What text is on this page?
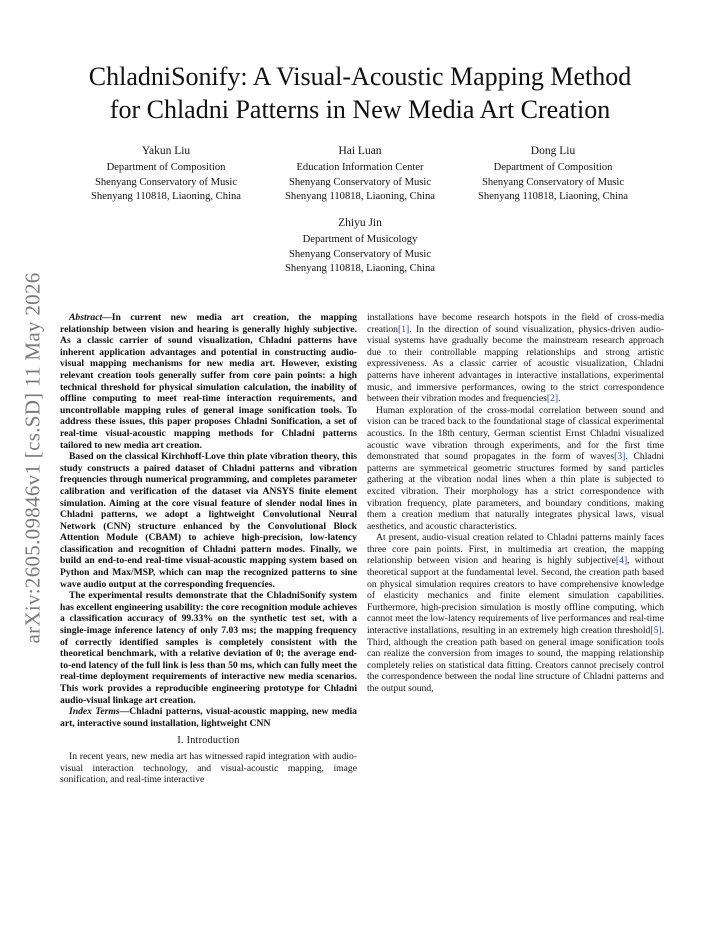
arXiv:2605.09846v1 [cs.SD] 11 May 2026
ChladniSonify: A Visual-Acoustic Mapping Method
for Chladni Patterns in New Media Art Creation
Yakun Liu
Department of Composition
Shenyang Conservatory of Music
Shenyang 110818, Liaoning, China
Hai Luan
Education Information Center
Shenyang Conservatory of Music
Shenyang 110818, Liaoning, China
Dong Liu
Department of Composition
Shenyang Conservatory of Music
Shenyang 110818, Liaoning, China
Zhiyu Jin
Department of Musicology
Shenyang Conservatory of Music
Shenyang 110818, Liaoning, China

Abstract—In current new media art creation, the mapping relationship between vision and hearing is generally highly subjective. As a classic carrier of sound visualization, Chladni patterns have inherent application advantages and potential in constructing audio-visual mapping mechanisms for new media art. However, existing relevant creation tools generally suffer from core pain points: a high technical threshold for physical simulation calculation, the inability of offline computing to meet real-time interaction requirements, and uncontrollable mapping rules of general image sonification tools. To address these issues, this paper proposes Chladni Sonification, a set of real-time visual-acoustic mapping methods for Chladni patterns tailored to new media art creation.

Based on the classical Kirchhoff-Love thin plate vibration theory, this study constructs a paired dataset of Chladni patterns and vibration frequencies through numerical programming, and completes parameter calibration and verification of the dataset via ANSYS finite element simulation. Aiming at the core visual feature of slender nodal lines in Chladni patterns, we adopt a lightweight Convolutional Neural Network (CNN) structure enhanced by the Convolutional Block Attention Module (CBAM) to achieve high-precision, low-latency classification and recognition of Chladni pattern modes. Finally, we build an end-to-end real-time visual-acoustic mapping system based on Python and Max/MSP, which can map the recognized patterns to sine wave audio output at the corresponding frequencies.

The experimental results demonstrate that the ChladniSonify system has excellent engineering usability: the core recognition module achieves a classification accuracy of 99.33% on the synthetic test set, with a single-image inference latency of only 7.03 ms; the mapping frequency of correctly identified samples is completely consistent with the theoretical benchmark, with a relative deviation of 0; the average end-to-end latency of the full link is less than 50 ms, which can fully meet the real-time deployment requirements of interactive new media scenarios. This work provides a reproducible engineering prototype for Chladni audio-visual linkage art creation.

Index Terms—Chladni patterns, visual-acoustic mapping, new media art, interactive sound installation, lightweight CNN

I. Introduction

In recent years, new media art has witnessed rapid integration with audio-visual interaction technology, and visual-acoustic mapping, image sonification, and real-time interactive

installations have become research hotspots in the field of cross-media creation[1]. In the direction of sound visualization, physics-driven audio-visual systems have gradually become the mainstream research approach due to their controllable mapping relationships and strong artistic expressiveness. As a classic carrier of acoustic visualization, Chladni patterns have inherent advantages in interactive installations, experimental music, and immersive performances, owing to the strict correspondence between their vibration modes and frequencies[2].

Human exploration of the cross-modal correlation between sound and vision can be traced back to the foundational stage of classical experimental acoustics. In the 18th century, German scientist Ernst Chladni visualized acoustic wave vibration through experiments, and for the first time demonstrated that sound propagates in the form of waves[3]. Chladni patterns are symmetrical geometric structures formed by sand particles gathering at the vibration nodal lines when a thin plate is subjected to excited vibration. Their morphology has a strict correspondence with vibration frequency, plate parameters, and boundary conditions, making them a creation medium that naturally integrates physical laws, visual aesthetics, and acoustic characteristics.

At present, audio-visual creation related to Chladni patterns mainly faces three core pain points. First, in multimedia art creation, the mapping relationship between vision and hearing is highly subjective[4], without theoretical support at the fundamental level. Second, the creation path based on physical simulation requires creators to have comprehensive knowledge of elasticity mechanics and finite element simulation capabilities. Furthermore, high-precision simulation is mostly offline computing, which cannot meet the low-latency requirements of live performances and real-time interactive installations, resulting in an extremely high creation threshold[5]. Third, although the creation path based on general image sonification tools can realize the conversion from images to sound, the mapping relationship completely relies on statistical data fitting. Creators cannot precisely control the correspondence between the nodal line structure of Chladni patterns and the output sound,
